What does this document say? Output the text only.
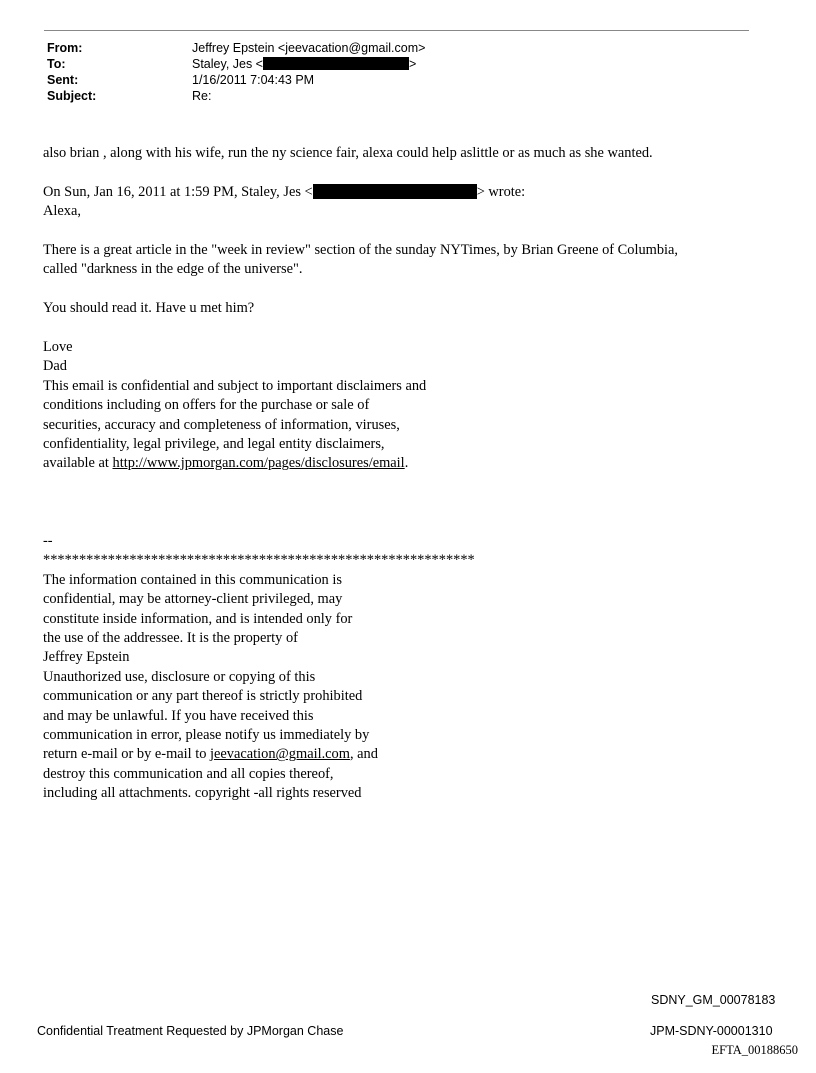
From:	Jeffrey Epstein <jeevacation@gmail.com>
To:	Staley, Jes <	>
Sent:	1/16/2011 7:04:43 PM
Subject:	Re:

also brian , along with his wife, run the ny science fair, alexa could help aslittle or as much as she wanted.

On Sun, Jan 16, 2011 at 1:59 PM, Staley, Jes <	> wrote:

Alexa,

There is a great article in the "week in review" section of the sunday NYTimes, by Brian Greene of Columbia,

called "darkness in the edge of the universe".

You should read it. Have u met him?

Love

Dad

This email is confidential and subject to important disclaimers and

conditions including on offers for the purchase or sale of

securities, accuracy and completeness of information, viruses,

confidentiality, legal privilege, and legal entity disclaimers,

available at http://www.jpmorgan.com/pages/disclosures/email.

--

************************************************************

The information contained in this communication is

confidential, may be attorney-client privileged, may

constitute inside information, and is intended only for

the use of the addressee. It is the property of

Jeffrey Epstein

Unauthorized use, disclosure or copying of this

communication or any part thereof is strictly prohibited

and may be unlawful. If you have received this

communication in error, please notify us immediately by

return e-mail or by e-mail to jeevacation@gmail.com, and

destroy this communication and all copies thereof,

including all attachments. copyright -all rights reserved

SDNY_GM_00078183
Confidential Treatment Requested by JPMorgan Chase	JPM-SDNY-00001310
EFTA_00188650
